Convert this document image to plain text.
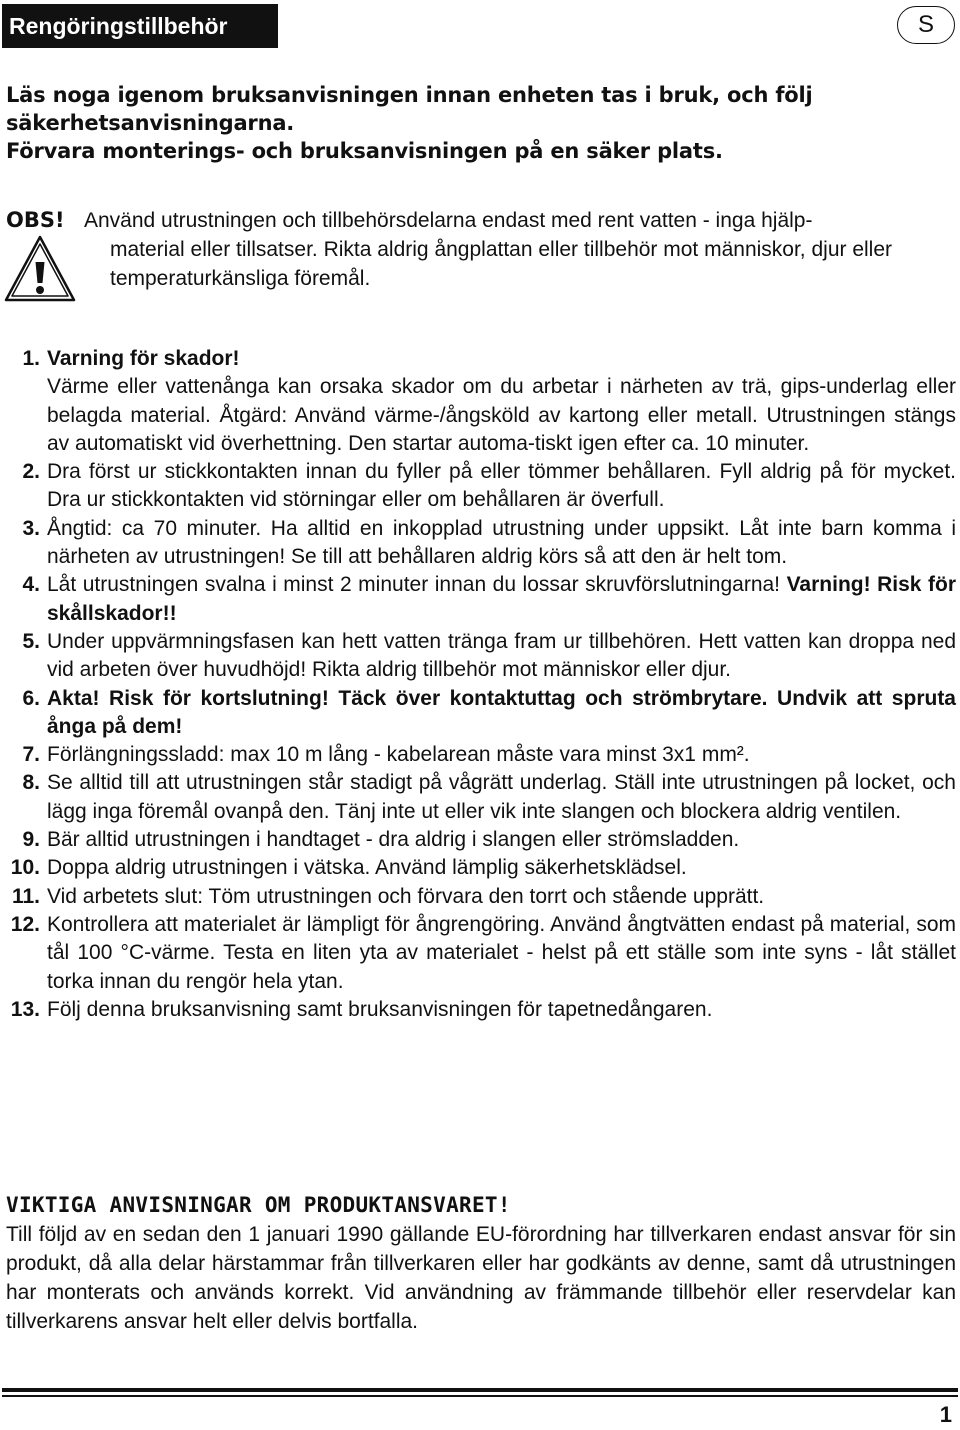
Rengöringstillbehör	S
Läs noga igenom bruksanvisningen innan enheten tas i bruk, och följ säkerhetsanvisningarna.
Förvara monterings- och bruksanvisningen på en säker plats.

OBS! Använd utrustningen och tillbehörsdelarna endast med rent vatten - inga hjälp-
material eller tillsatser. Rikta aldrig ångplattan eller tillbehör mot människor, djur eller temperaturkänsliga föremål.
1. Varning för skador!
Värme eller vattenånga kan orsaka skador om du arbetar i närheten av trä, gips-underlag eller belagda material. Åtgärd: Använd värme-/ångsköld av kartong eller metall. Utrustningen stängs av automatiskt vid överhettning. Den startar automa-tiskt igen efter ca. 10 minuter.
2. Dra först ur stickkontakten innan du fyller på eller tömmer behållaren. Fyll aldrig på för mycket. Dra ur stickkontakten vid störningar eller om behållaren är överfull.
3. Ångtid: ca 70 minuter. Ha alltid en inkopplad utrustning under uppsikt. Låt inte barn komma i närheten av utrustningen! Se till att behållaren aldrig körs så att den är helt tom.
4. Låt utrustningen svalna i minst 2 minuter innan du lossar skruvförslutningarna! Varning! Risk för skållskador!!
5. Under uppvärmningsfasen kan hett vatten tränga fram ur tillbehören. Hett vatten kan droppa ned vid arbeten över huvudhöjd! Rikta aldrig tillbehör mot människor eller djur.
6. Akta! Risk för kortslutning! Täck över kontaktuttag och strömbrytare. Undvik att spruta ånga på dem!
7. Förlängningssladd: max 10 m lång - kabelarean måste vara minst 3x1 mm².
8. Se alltid till att utrustningen står stadigt på vågrätt underlag. Ställ inte utrustningen på locket, och lägg inga föremål ovanpå den. Tänj inte ut eller vik inte slangen och blockera aldrig ventilen.
9. Bär alltid utrustningen i handtaget - dra aldrig i slangen eller strömsladden.
10. Doppa aldrig utrustningen i vätska. Använd lämplig säkerhetsklädsel.
11. Vid arbetets slut: Töm utrustningen och förvara den torrt och stående upprätt.
12. Kontrollera att materialet är lämpligt för ångrengöring. Använd ångtvätten endast på material, som tål 100 °C-värme. Testa en liten yta av materialet - helst på ett ställe som inte syns - låt stället torka innan du rengör hela ytan.
13. Följ denna bruksanvisning samt bruksanvisningen för tapetnedångaren.
VIKTIGA ANVISNINGAR OM PRODUKTANSVARET!

Till följd av en sedan den 1 januari 1990 gällande EU-förordning har tillverkaren endast ansvar för sin produkt, då alla delar härstammar från tillverkaren eller har godkänts av denne, samt då utrustningen har monterats och används korrekt. Vid användning av främmande tillbehör eller reservdelar kan tillverkarens ansvar helt eller delvis bortfalla.

1
